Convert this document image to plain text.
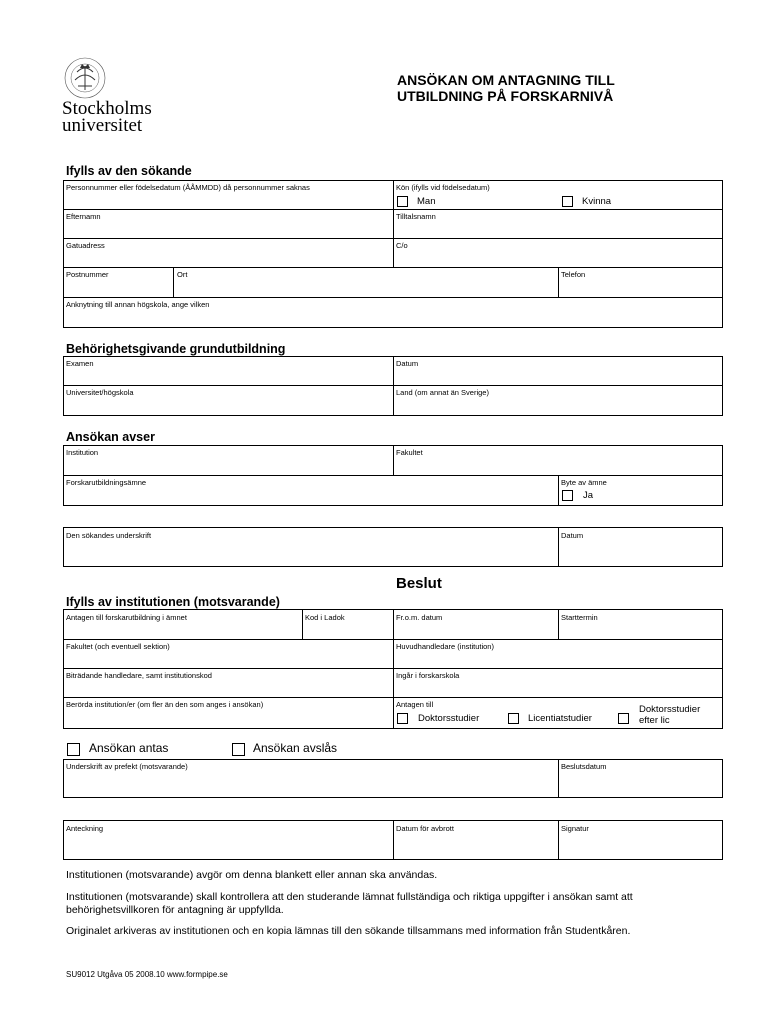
Stockholms
universitet
ANSÖKAN OM ANTAGNING TILL
UTBILDNING PÅ FORSKARNIVÅ
Ifylls av den sökande
Personnummer eller födelsedatum (ÅÅMMDD) då personnummer saknas	Kön (ifylls vid födelsedatum)
Man	Kvinna
Efternamn	Tilltalsnamn
Gatuadress	C/o
Postnummer	Ort	Telefon
Anknytning till annan högskola, ange vilken
Behörighetsgivande grundutbildning
Examen	Datum
Universitet/högskola	Land (om annat än Sverige)
Ansökan avser
Institution	Fakultet
Forskarutbildningsämne	Byte av ämne
Ja
Den sökandes underskrift	Datum
Beslut
Ifylls av institutionen (motsvarande)
Antagen till forskarutbildning i ämnet	Kod i Ladok	Fr.o.m. datum	Starttermin
Fakultet (och eventuell sektion)	Huvudhandledare (institution)
Biträdande handledare, samt institutionskod	Ingår i forskarskola
Berörda institution/er (om fler än den som anges i ansökan)	Antagen till
Doktorsstudier	Licentiatstudier
Doktorsstudier
efter lic
Ansökan antas	Ansökan avslås
Underskrift av prefekt (motsvarande)	Beslutsdatum
Anteckning	Datum för avbrott	Signatur
Institutionen (motsvarande) avgör om denna blankett eller annan ska användas.
Institutionen (motsvarande) skall kontrollera att den studerande lämnat fullständiga och riktiga uppgifter i ansökan samt att behörighetsvillkoren för antagning är uppfyllda.
Originalet arkiveras av institutionen och en kopia lämnas till den sökande tillsammans med information från Studentkåren.
SU9012 Utgåva 05 2008.10 www.formpipe.se
